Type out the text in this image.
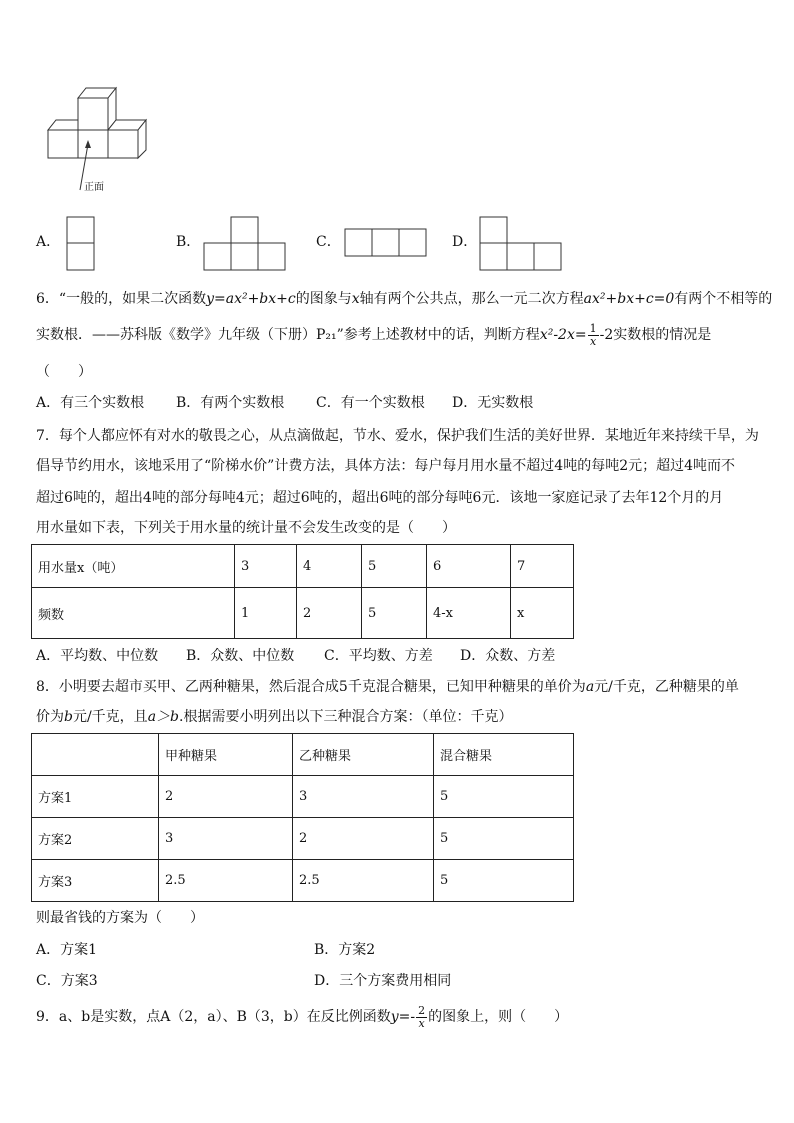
正面
A．	B．	C．	D．
6．“一般的，如果二次函数y=ax²+bx+c的图象与x轴有两个公共点，那么一元二次方程ax²+bx+c=0有两个不相等的
实数根．——苏科版《数学》九年级（下册）P₂₁”参考上述教材中的话，判断方程$x^2-2x= \frac{1}{x} -2$实数根的情况是
（　　）
A．有三个实数根 B．有两个实数根 C．有一个实数根 D．无实数根
7．每个人都应怀有对水的敬畏之心，从点滴做起，节水、爱水，保护我们生活的美好世界．某地近年来持续干旱，为
倡导节约用水，该地采用了“阶梯水价”计费方法，具体方法：每户每月用水量不超过4吨的每吨2元；超过4吨而不
超过6吨的，超出4吨的部分每吨4元；超过6吨的，超出6吨的部分每吨6元．该地一家庭记录了去年12个月的月
用水量如下表，下列关于用水量的统计量不会发生改变的是（　　）
用水量x（吨）	3	4	5	6	7
频数	1	2	5	4-x	x
A．平均数、中位数 B．众数、中位数 C．平均数、方差 D．众数、方差
8．小明要去超市买甲、乙两种糖果，然后混合成5千克混合糖果，已知甲种糖果的单价为a元/千克，乙种糖果的单
价为b元/千克，且a＞b.根据需要小明列出以下三种混合方案：（单位：千克）
	甲种糖果	乙种糖果	混合糖果
方案1	2	3	5
方案2	3	2	5
方案3	2.5	2.5	5
则最省钱的方案为（　　）
A．方案1	B．方案2
C．方案3	D．三个方案费用相同
9．a、b是实数，点A（2，a）、B（3，b）在反比例函数$y=- \frac{2}{x}$ 的图象上，则（　　）
